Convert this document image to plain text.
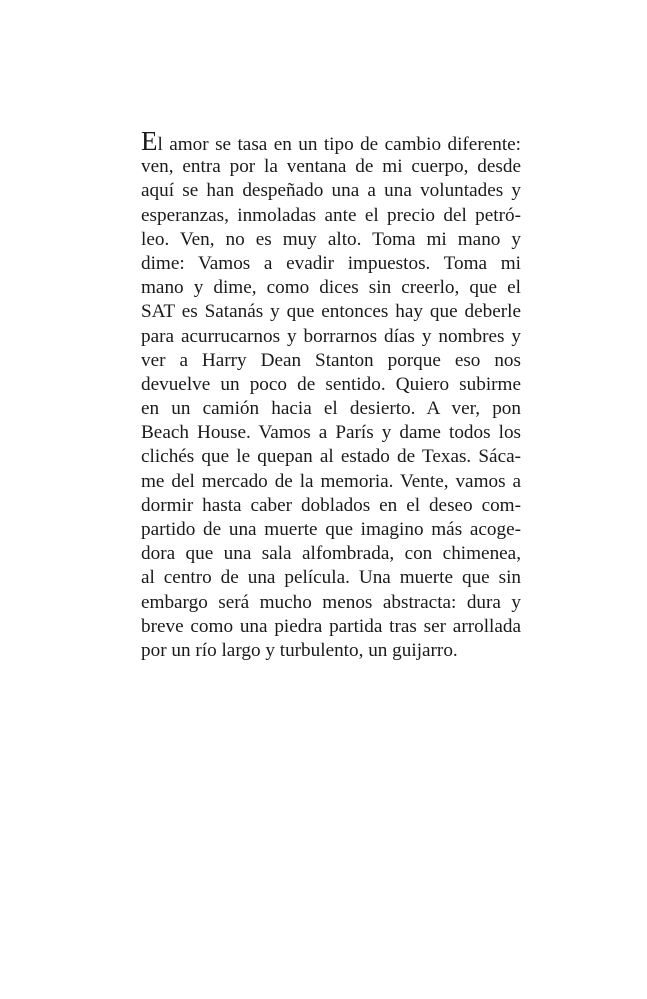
El amor se tasa en un tipo de cambio diferente:
ven, entra por la ventana de mi cuerpo, desde
aquí se han despeñado una a una voluntades y
esperanzas, inmoladas ante el precio del petró-
leo. Ven, no es muy alto. Toma mi mano y
dime: Vamos a evadir impuestos. Toma mi
mano y dime, como dices sin creerlo, que el
SAT es Satanás y que entonces hay que deberle
para acurrucarnos y borrarnos días y nombres y
ver a Harry Dean Stanton porque eso nos
devuelve un poco de sentido. Quiero subirme
en un camión hacia el desierto. A ver, pon
Beach House. Vamos a París y dame todos los
clichés que le quepan al estado de Texas. Sáca-
me del mercado de la memoria. Vente, vamos a
dormir hasta caber doblados en el deseo com-
partido de una muerte que imagino más acoge-
dora que una sala alfombrada, con chimenea,
al centro de una película. Una muerte que sin
embargo será mucho menos abstracta: dura y
breve como una piedra partida tras ser arrollada
por un río largo y turbulento, un guijarro.
